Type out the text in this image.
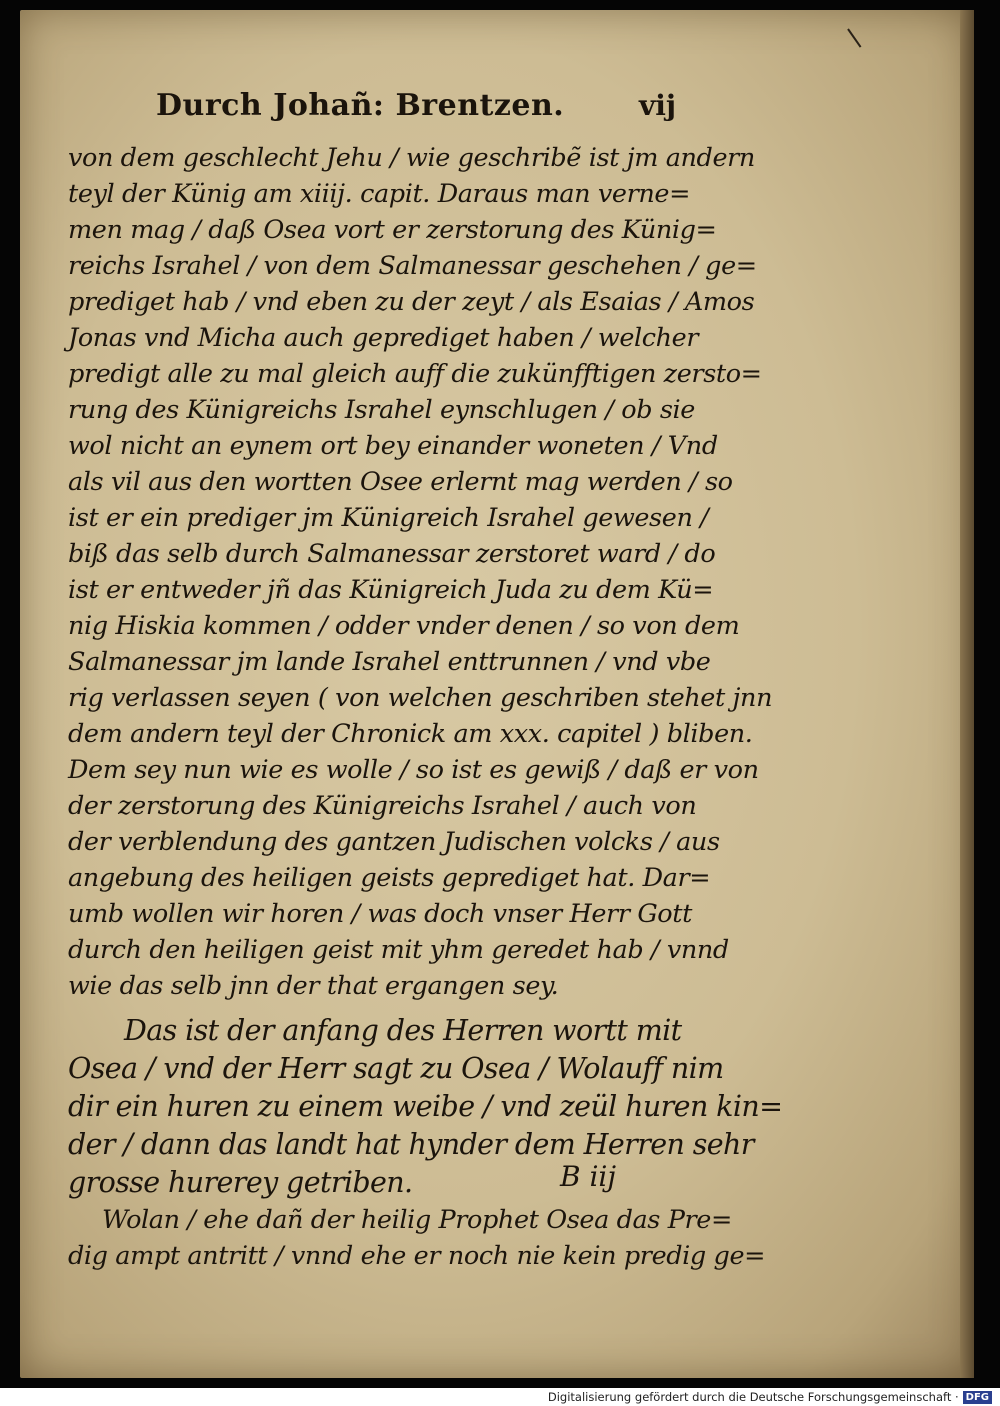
Durch Johañ: Brentzen.	vij
von dem geschlecht Jehu / wie geschribẽ ist jm andern
teyl der Künig am xiiij. capit. Daraus man verne=
men mag / daß Osea vort er zerstorung des Künig=
reichs Israhel / von dem Salmanessar geschehen / ge=
prediget hab / vnd eben zu der zeyt / als Esaias / Amos
Jonas vnd Micha auch geprediget haben / welcher
predigt alle zu mal gleich auff die zukünfftigen zersto=
rung des Künigreichs Israhel eynschlugen / ob sie
wol nicht an eynem ort bey einander woneten / Vnd
als vil aus den wortten Osee erlernt mag werden / so
ist er ein prediger jm Künigreich Israhel gewesen /
biß das selb durch Salmanessar zerstoret ward / do
ist er entweder jñ das Künigreich Juda zu dem Kü=
nig Hiskia kommen / odder vnder denen / so von dem
Salmanessar jm lande Israhel enttrunnen / vnd vbe
rig verlassen seyen ( von welchen geschriben stehet jnn
dem andern teyl der Chronick am xxx. capitel ) bliben.
Dem sey nun wie es wolle / so ist es gewiß / daß er von
der zerstorung des Künigreichs Israhel / auch von
der verblendung des gantzen Judischen volcks / aus
angebung des heiligen geists geprediget hat. Dar=
umb wollen wir horen / was doch vnser Herr Gott
durch den heiligen geist mit yhm geredet hab / vnnd
wie das selb jnn der that ergangen sey.
Das ist der anfang des Herren wortt mit
Osea / vnd der Herr sagt zu Osea / Wolauff nim
dir ein huren zu einem weibe / vnd zeül huren kin=
der / dann das landt hat hynder dem Herren sehr
grosse hurerey getriben.
Wolan / ehe dañ der heilig Prophet Osea das Pre=
dig ampt antritt / vnnd ehe er noch nie kein predig ge=
B iij
Digitalisierung gefördert durch die Deutsche Forschungsgemeinschaft · DFG
